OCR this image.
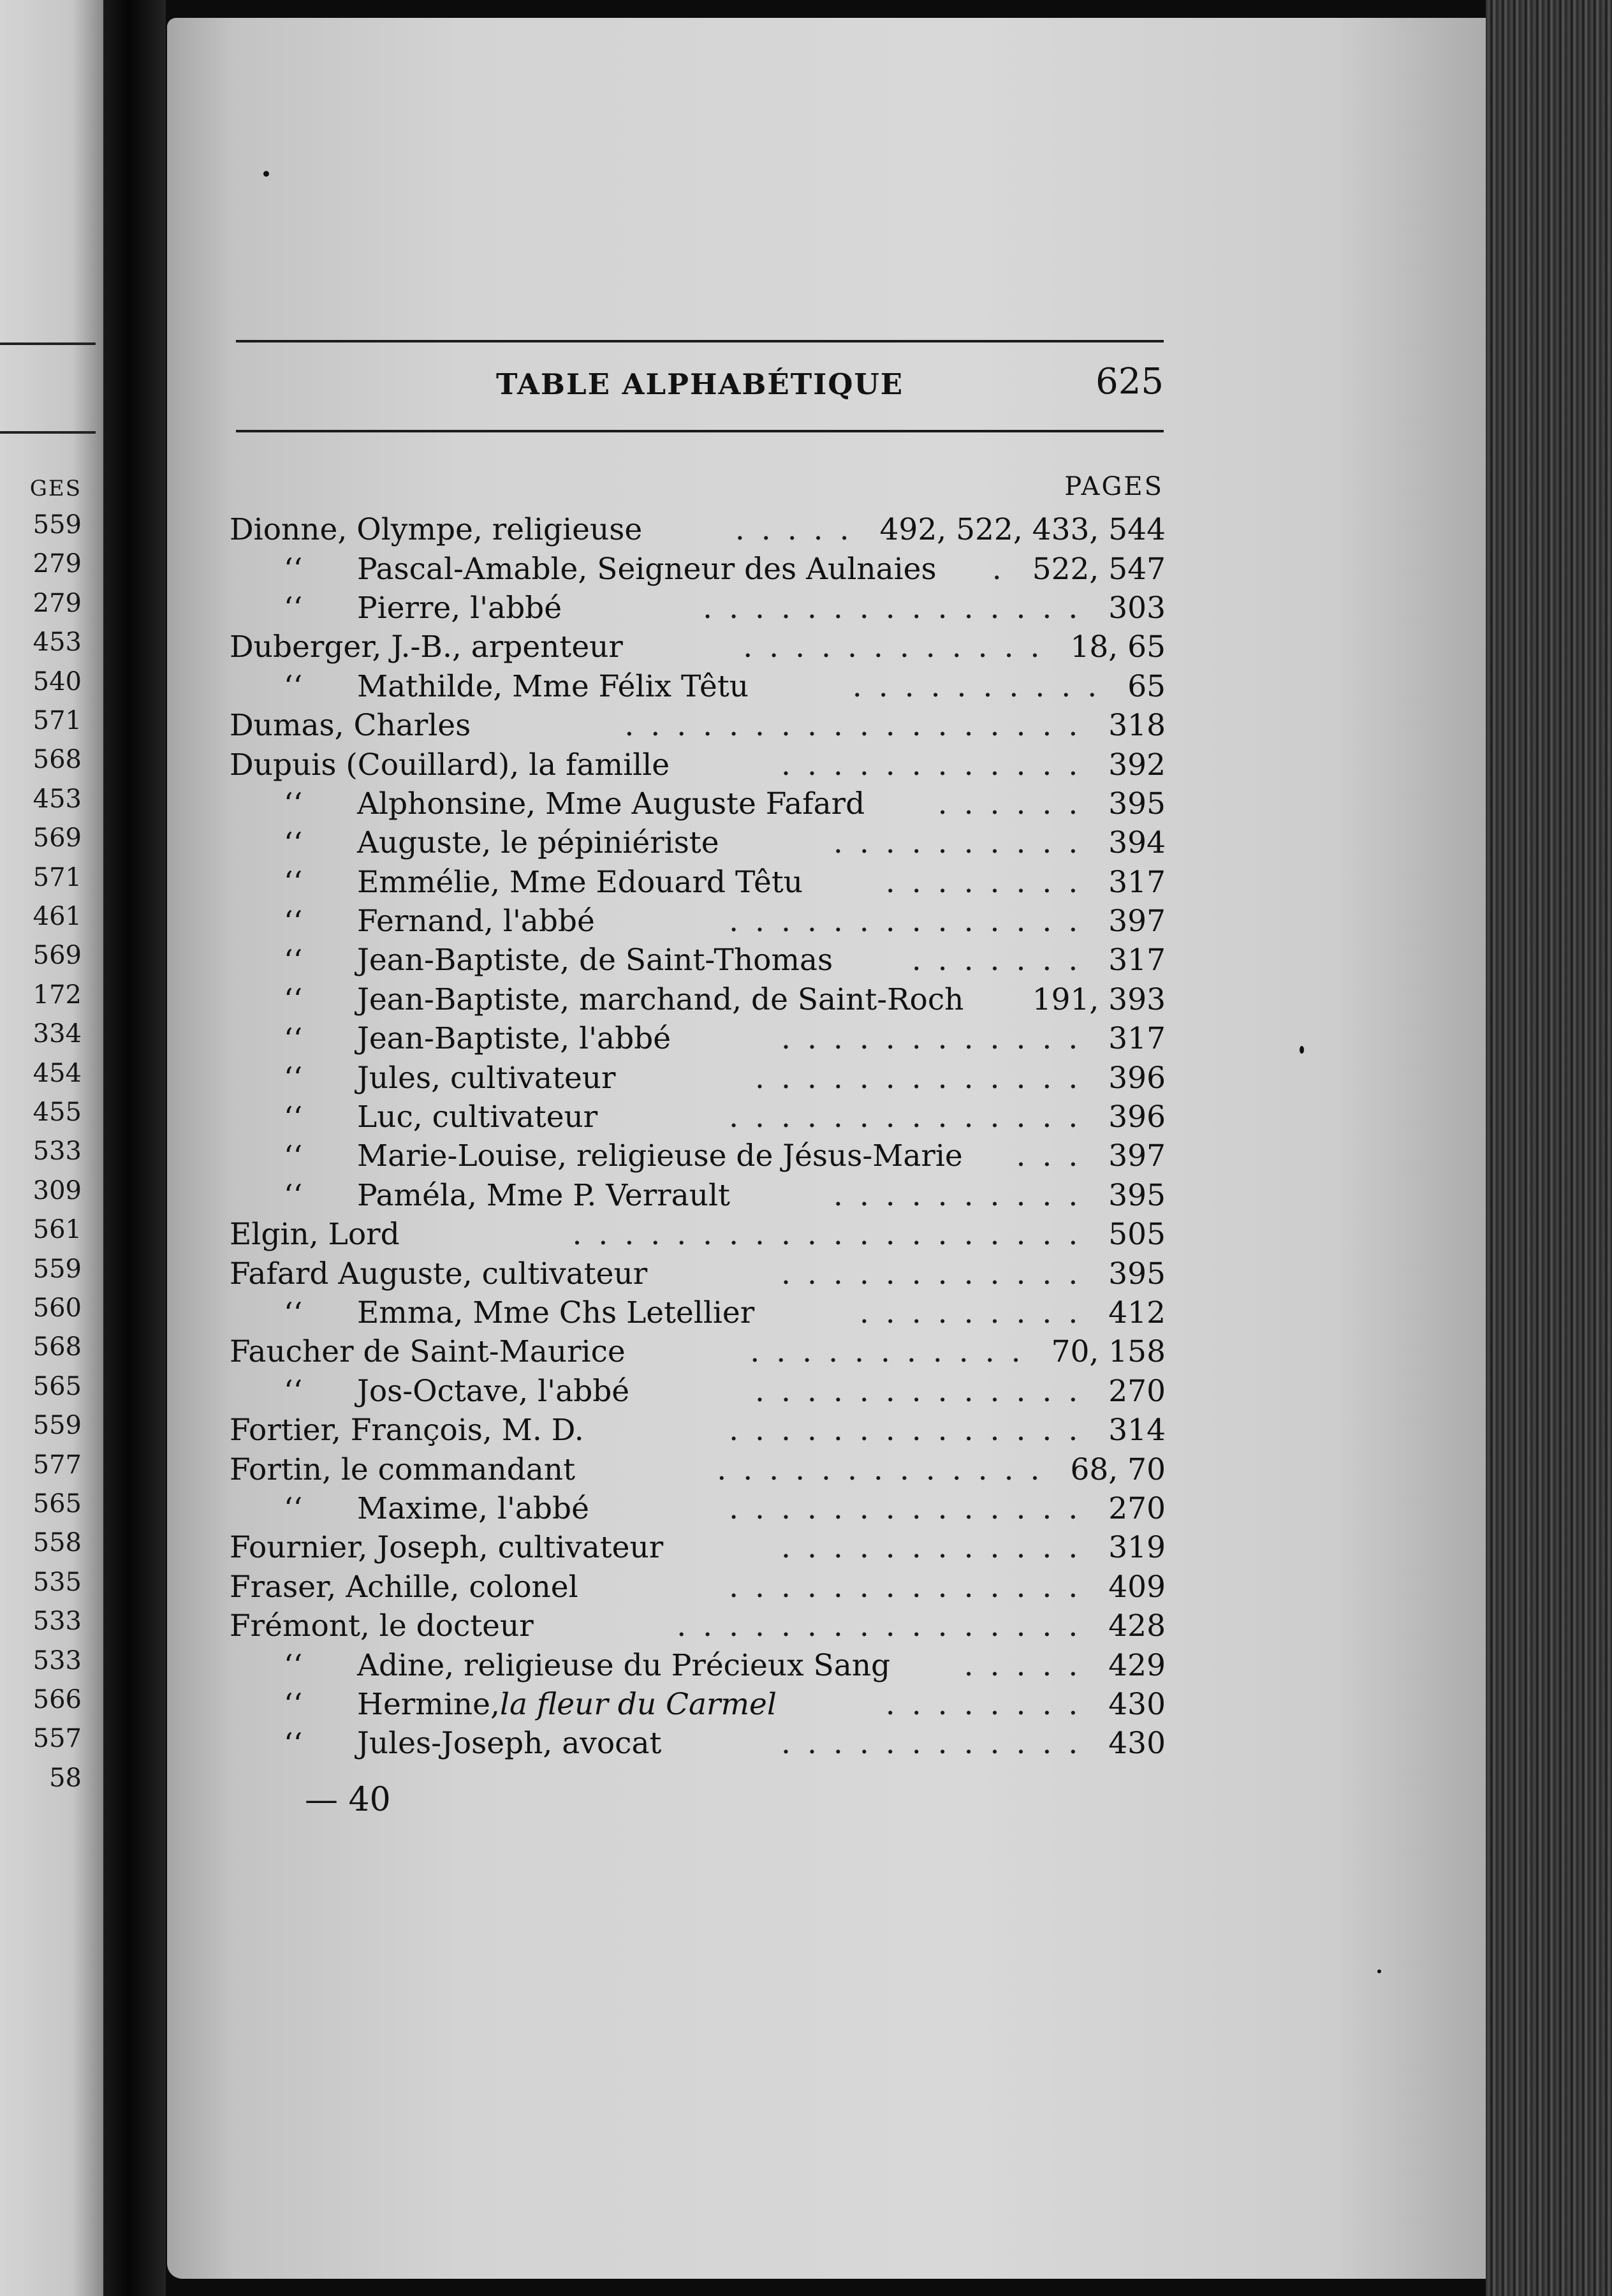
GES
559
279
279
453
540
571
568
453
569
571
461
569
172
334
454
455
533
309
561
559
560
568
565
559
577
565
558
535
533
533
566
557
58
TABLE ALPHABÉTIQUE	625
PAGES
Dionne, Olympe, religieuse	..... 492, 522, 433, 544
‘‘ Pascal-Amable, Seigneur des Aulnaies	. 522, 547
‘‘ Pierre, l'abbé	............... 303
Duberger, J.-B., arpenteur	............ 18, 65
‘‘ Mathilde, Mme Félix Têtu	.......... 65
Dumas, Charles	.................. 318
Dupuis (Couillard), la famille	............ 392
‘‘ Alphonsine, Mme Auguste Fafard	...... 395
‘‘ Auguste, le pépiniériste	.......... 394
‘‘ Emmélie, Mme Edouard Têtu	........ 317
‘‘ Fernand, l'abbé	.............. 397
‘‘ Jean-Baptiste, de Saint-Thomas	....... 317
‘‘ Jean-Baptiste, marchand, de Saint-Roch 191, 393
‘‘ Jean-Baptiste, l'abbé	............ 317
‘‘ Jules, cultivateur	............. 396
‘‘ Luc, cultivateur	.............. 396
‘‘ Marie-Louise, religieuse de Jésus-Marie	... 397
‘‘ Paméla, Mme P. Verrault	.......... 395
Elgin, Lord	.................... 505
Fafard Auguste, cultivateur	............ 395
‘‘ Emma, Mme Chs Letellier	......... 412
Faucher de Saint-Maurice	........... 70, 158
‘‘ Jos-Octave, l'abbé	............. 270
Fortier, François, M. D.	.............. 314
Fortin, le commandant	............. 68, 70
‘‘ Maxime, l'abbé	.............. 270
Fournier, Joseph, cultivateur	............ 319
Fraser, Achille, colonel	.............. 409
Frémont, le docteur	................ 428
‘‘ Adine, religieuse du Précieux Sang	..... 429
‘‘ Hermine, la fleur du Carmel	........ 430
‘‘ Jules-Joseph, avocat	............ 430
— 40
